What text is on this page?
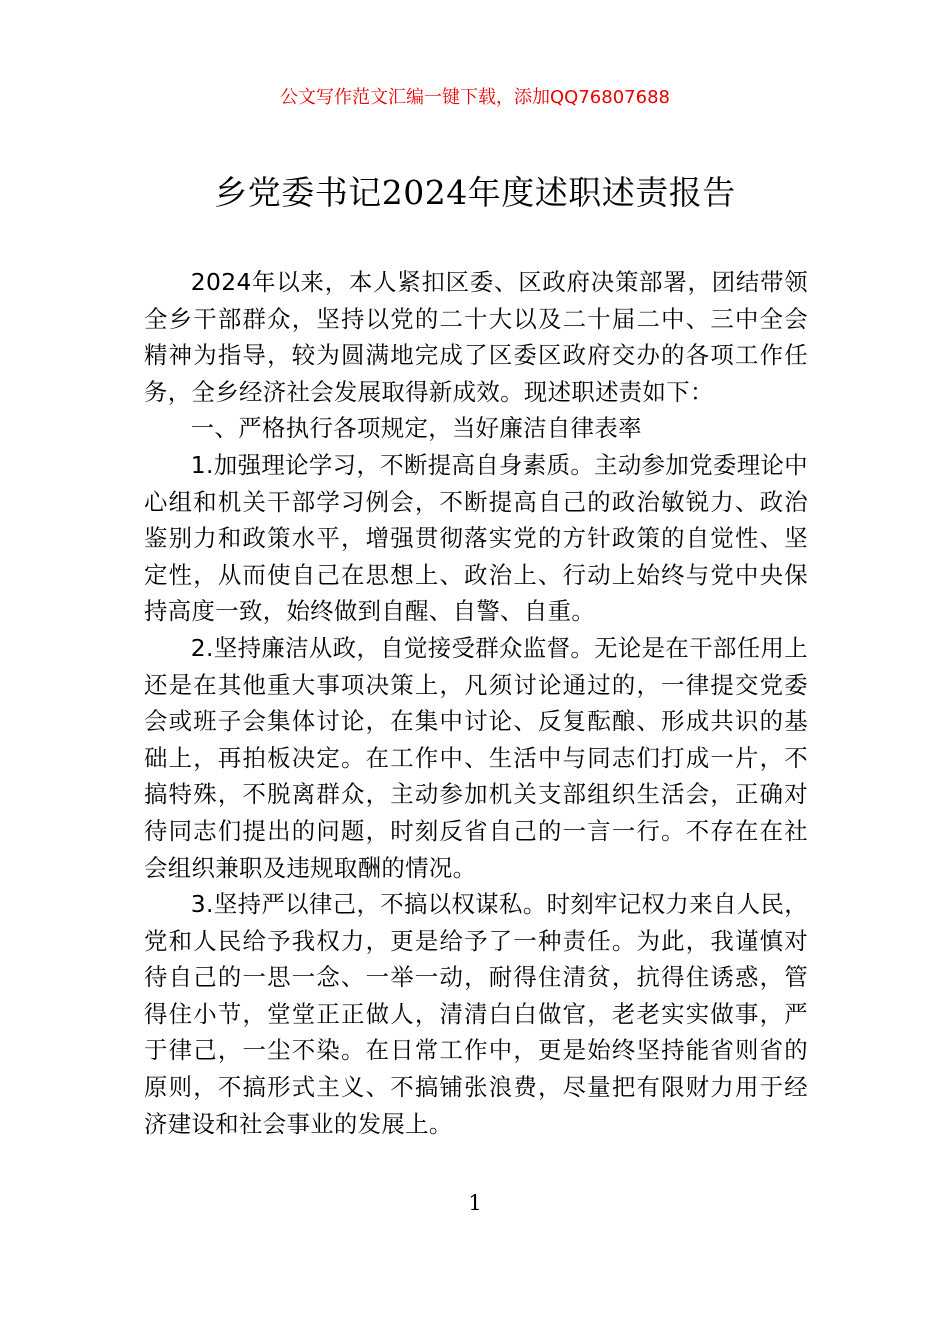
公文写作范文汇编一键下载，添加QQ76807688
乡党委书记2024年度述职述责报告

2024年以来，本人紧扣区委、区政府决策部署，团结带领全乡干部群众，坚持以党的二十大以及二十届二中、三中全会精神为指导，较为圆满地完成了区委区政府交办的各项工作任务，全乡经济社会发展取得新成效。现述职述责如下：

一、严格执行各项规定，当好廉洁自律表率

1.加强理论学习，不断提高自身素质。主动参加党委理论中心组和机关干部学习例会，不断提高自己的政治敏锐力、政治鉴别力和政策水平，增强贯彻落实党的方针政策的自觉性、坚定性，从而使自己在思想上、政治上、行动上始终与党中央保持高度一致，始终做到自醒、自警、自重。

2.坚持廉洁从政，自觉接受群众监督。无论是在干部任用上还是在其他重大事项决策上，凡须讨论通过的，一律提交党委会或班子会集体讨论，在集中讨论、反复酝酿、形成共识的基础上，再拍板决定。在工作中、生活中与同志们打成一片，不搞特殊，不脱离群众，主动参加机关支部组织生活会，正确对待同志们提出的问题，时刻反省自己的一言一行。不存在在社会组织兼职及违规取酬的情况。

3.坚持严以律己，不搞以权谋私。时刻牢记权力来自人民，党和人民给予我权力，更是给予了一种责任。为此，我谨慎对待自己的一思一念、一举一动，耐得住清贫，抗得住诱惑，管得住小节，堂堂正正做人，清清白白做官，老老实实做事，严于律己，一尘不染。在日常工作中，更是始终坚持能省则省的原则，不搞形式主义、不搞铺张浪费，尽量把有限财力用于经济建设和社会事业的发展上。

1
